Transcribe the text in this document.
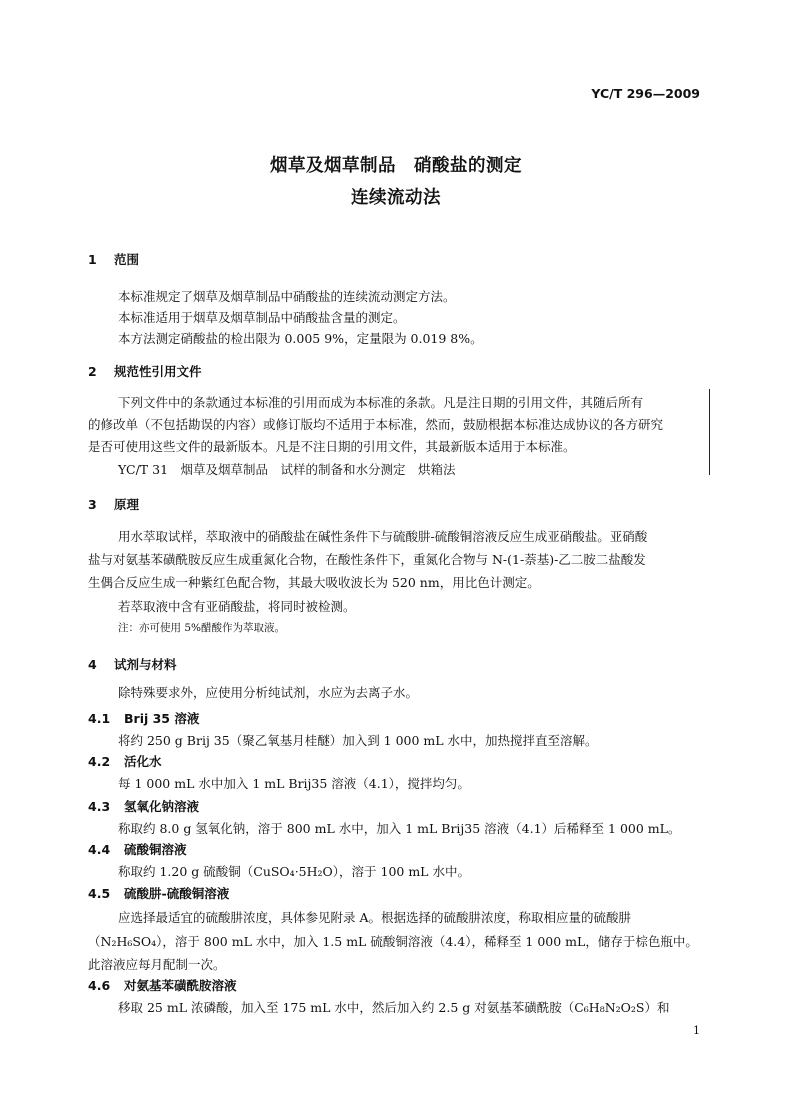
YC/T 296—2009
烟草及烟草制品　硝酸盐的测定
连续流动法
1 范围
本标准规定了烟草及烟草制品中硝酸盐的连续流动测定方法。
本标准适用于烟草及烟草制品中硝酸盐含量的测定。
本方法测定硝酸盐的检出限为 0.005 9%，定量限为 0.019 8%。
2 规范性引用文件
下列文件中的条款通过本标准的引用而成为本标准的条款。凡是注日期的引用文件，其随后所有
的修改单（不包括勘误的内容）或修订版均不适用于本标准，然而，鼓励根据本标准达成协议的各方研究
是否可使用这些文件的最新版本。凡是不注日期的引用文件，其最新版本适用于本标准。
YC/T 31　烟草及烟草制品　试样的制备和水分测定　烘箱法
3 原理
用水萃取试样，萃取液中的硝酸盐在碱性条件下与硫酸肼-硫酸铜溶液反应生成亚硝酸盐。亚硝酸
盐与对氨基苯磺酰胺反应生成重氮化合物，在酸性条件下，重氮化合物与 N-(1-萘基)-乙二胺二盐酸发
生偶合反应生成一种紫红色配合物，其最大吸收波长为 520 nm，用比色计测定。
若萃取液中含有亚硝酸盐，将同时被检测。
注：亦可使用 5%醋酸作为萃取液。
4 试剂与材料
除特殊要求外，应使用分析纯试剂，水应为去离子水。
4.1 Brij 35 溶液
将约 250 g Brij 35（聚乙氧基月桂醚）加入到 1 000 mL 水中，加热搅拌直至溶解。
4.2 活化水
每 1 000 mL 水中加入 1 mL Brij35 溶液（4.1），搅拌均匀。
4.3 氢氧化钠溶液
称取约 8.0 g 氢氧化钠，溶于 800 mL 水中，加入 1 mL Brij35 溶液（4.1）后稀释至 1 000 mL。
4.4 硫酸铜溶液
称取约 1.20 g 硫酸铜（CuSO₄·5H₂O），溶于 100 mL 水中。
4.5 硫酸肼-硫酸铜溶液
应选择最适宜的硫酸肼浓度，具体参见附录 A。根据选择的硫酸肼浓度，称取相应量的硫酸肼
（N₂H₆SO₄），溶于 800 mL 水中，加入 1.5 mL 硫酸铜溶液（4.4），稀释至 1 000 mL，储存于棕色瓶中。
此溶液应每月配制一次。
4.6 对氨基苯磺酰胺溶液
移取 25 mL 浓磷酸，加入至 175 mL 水中，然后加入约 2.5 g 对氨基苯磺酰胺（C₆H₈N₂O₂S）和
1
